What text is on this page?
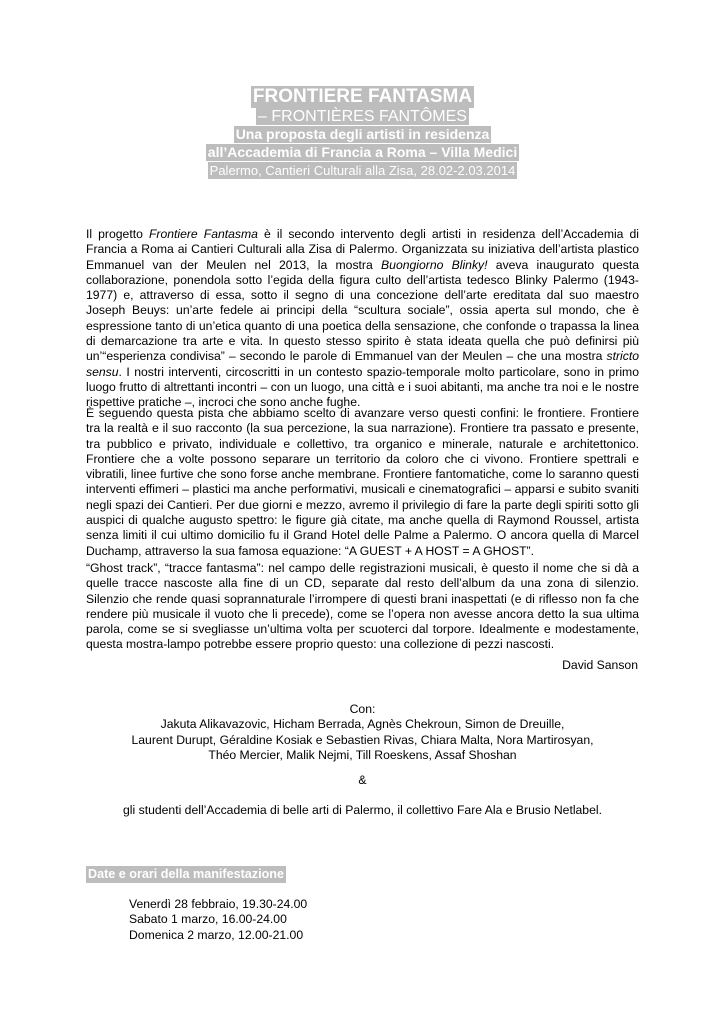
FRONTIERE FANTASMA
– FRONTIÈRES FANTÔMES
Una proposta degli artisti in residenza
all’Accademia di Francia a Roma – Villa Medici
Palermo, Cantieri Culturali alla Zisa, 28.02-2.03.2014

Il progetto Frontiere Fantasma è il secondo intervento degli artisti in residenza dell’Accademia di Francia a Roma ai Cantieri Culturali alla Zisa di Palermo. Organizzata su iniziativa dell’artista plastico Emmanuel van der Meulen nel 2013, la mostra Buongiorno Blinky! aveva inaugurato questa collaborazione, ponendola sotto l’egida della figura culto dell’artista tedesco Blinky Palermo (1943-1977) e, attraverso di essa, sotto il segno di una concezione dell’arte ereditata dal suo maestro Joseph Beuys: un’arte fedele ai principi della “scultura sociale”, ossia aperta sul mondo, che è espressione tanto di un’etica quanto di una poetica della sensazione, che confonde o trapassa la linea di demarcazione tra arte e vita. In questo stesso spirito è stata ideata quella che può definirsi più un’“esperienza condivisa” – secondo le parole di Emmanuel van der Meulen – che una mostra stricto sensu. I nostri interventi, circoscritti in un contesto spazio-temporale molto particolare, sono in primo luogo frutto di altrettanti incontri – con un luogo, una città e i suoi abitanti, ma anche tra noi e le nostre rispettive pratiche –, incroci che sono anche fughe.

È seguendo questa pista che abbiamo scelto di avanzare verso questi confini: le frontiere. Frontiere tra la realtà e il suo racconto (la sua percezione, la sua narrazione). Frontiere tra passato e presente, tra pubblico e privato, individuale e collettivo, tra organico e minerale, naturale e architettonico. Frontiere che a volte possono separare un territorio da coloro che ci vivono. Frontiere spettrali e vibratili, linee furtive che sono forse anche membrane. Frontiere fantomatiche, come lo saranno questi interventi effimeri – plastici ma anche performativi, musicali e cinematografici – apparsi e subito svaniti negli spazi dei Cantieri. Per due giorni e mezzo, avremo il privilegio di fare la parte degli spiriti sotto gli auspici di qualche augusto spettro: le figure già citate, ma anche quella di Raymond Roussel, artista senza limiti il cui ultimo domicilio fu il Grand Hotel delle Palme a Palermo. O ancora quella di Marcel Duchamp, attraverso la sua famosa equazione: “A GUEST + A HOST = A GHOST”.

“Ghost track”, “tracce fantasma”: nel campo delle registrazioni musicali, è questo il nome che si dà a quelle tracce nascoste alla fine di un CD, separate dal resto dell’album da una zona di silenzio. Silenzio che rende quasi soprannaturale l’irrompere di questi brani inaspettati (e di riflesso non fa che rendere più musicale il vuoto che li precede), come se l’opera non avesse ancora detto la sua ultima parola, come se si svegliasse un’ultima volta per scuoterci dal torpore. Idealmente e modestamente, questa mostra-lampo potrebbe essere proprio questo: una collezione di pezzi nascosti.

David Sanson
Con:
Jakuta Alikavazovic, Hicham Berrada, Agnès Chekroun, Simon de Dreuille,
Laurent Durupt, Géraldine Kosiak e Sebastien Rivas, Chiara Malta, Nora Martirosyan,
Théo Mercier, Malik Nejmi, Till Roeskens, Assaf Shoshan
&
gli studenti dell’Accademia di belle arti di Palermo, il collettivo Fare Ala e Brusio Netlabel.
Date e orari della manifestazione
Venerdì 28 febbraio, 19.30-24.00
Sabato 1 marzo, 16.00-24.00
Domenica 2 marzo, 12.00-21.00
